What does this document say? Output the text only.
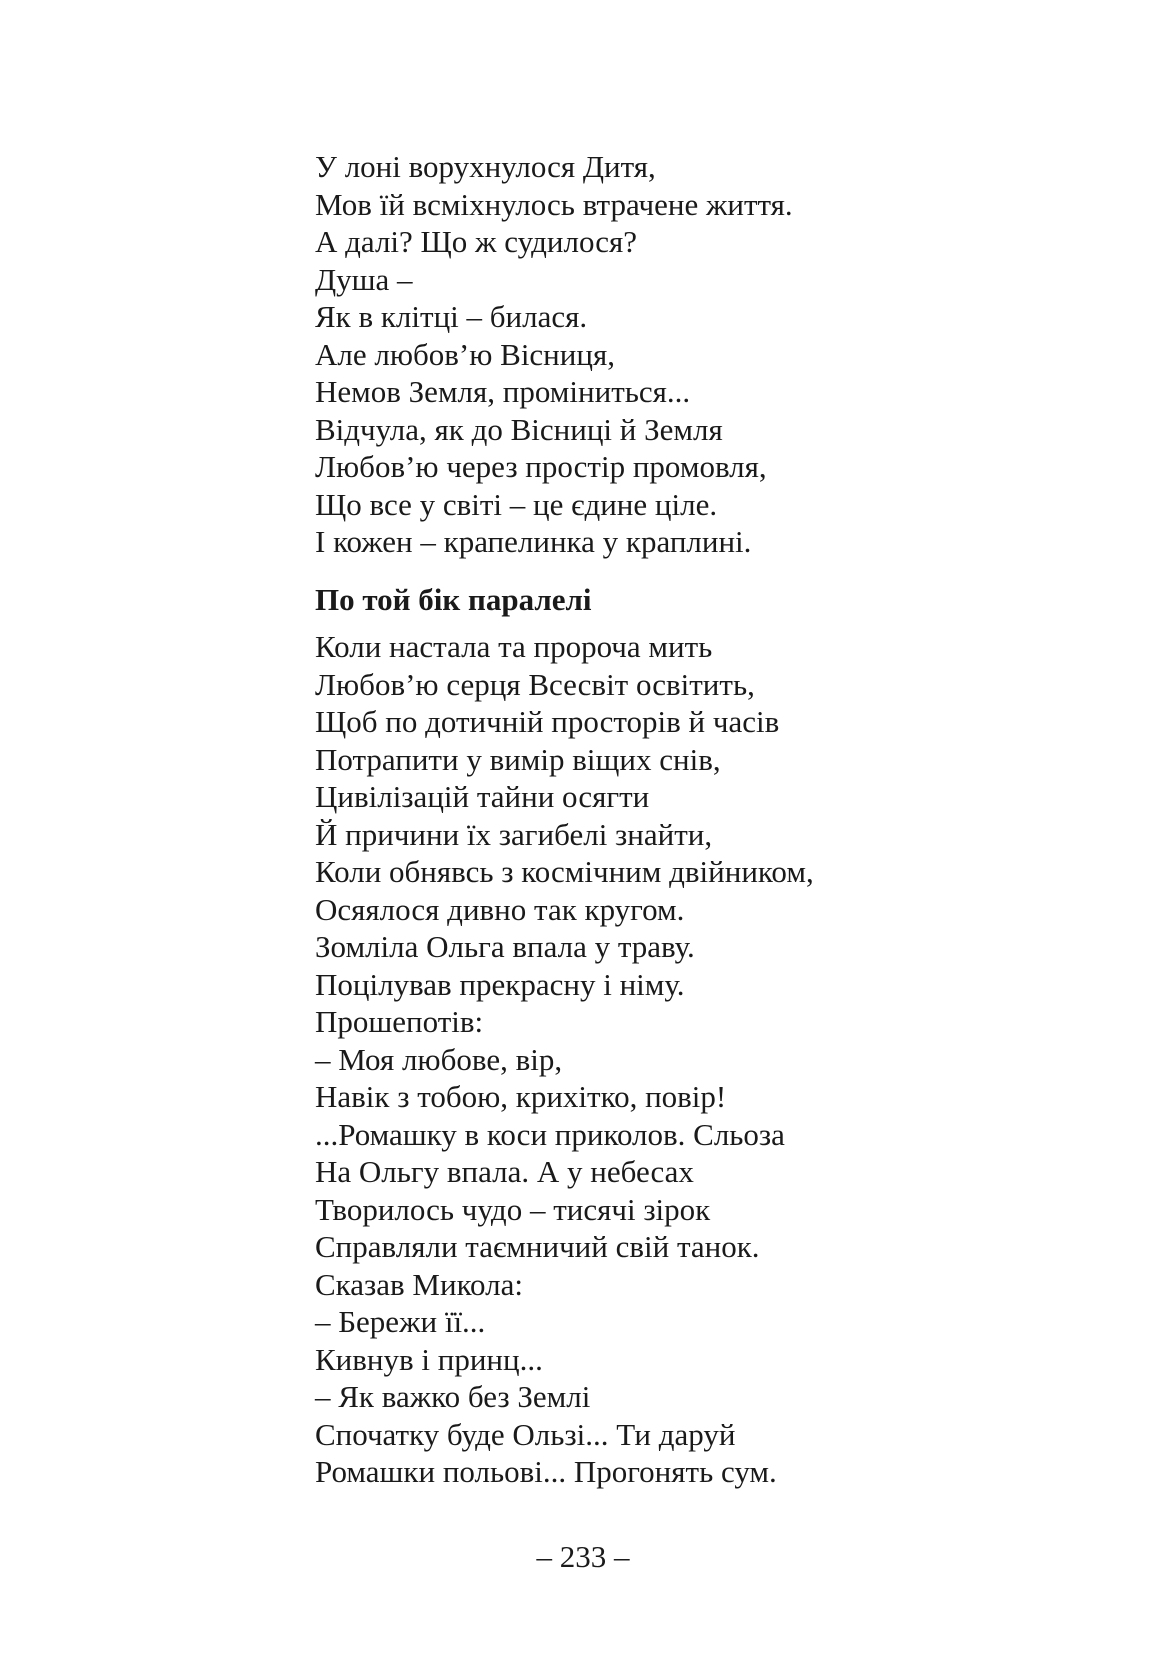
У лоні ворухнулося Дитя,
Мов їй всміхнулось втрачене життя.
А далі? Що ж судилося?
Душа –
Як в клітці – билася.
Але любов’ю Вісниця,
Немов Земля, проміниться...
Відчула, як до Вісниці й Земля
Любов’ю через простір промовля,
Що все у світі – це єдине ціле.
І кожен – крапелинка у краплині.
По той бік паралелі
Коли настала та пророча мить
Любов’ю серця Всесвіт освітить,
Щоб по дотичній просторів й часів
Потрапити у вимір віщих снів,
Цивілізацій тайни осягти
Й причини їх загибелі знайти,
Коли обнявсь з космічним двійником,
Осяялося дивно так кругом.
Зомліла Ольга впала у траву.
Поцілував прекрасну і німу.
Прошепотів:
– Моя любове, вір,
Навік з тобою, крихітко, повір!
...Ромашку в коси приколов. Сльоза
На Ольгу впала. А у небесах
Творилось чудо – тисячі зірок
Справляли таємничий свій танок.
Сказав Микола:
– Бережи її...
Кивнув і принц...
– Як важко без Землі
Спочатку буде Ользі... Ти даруй
Ромашки польові... Прогонять сум.
– 233 –
